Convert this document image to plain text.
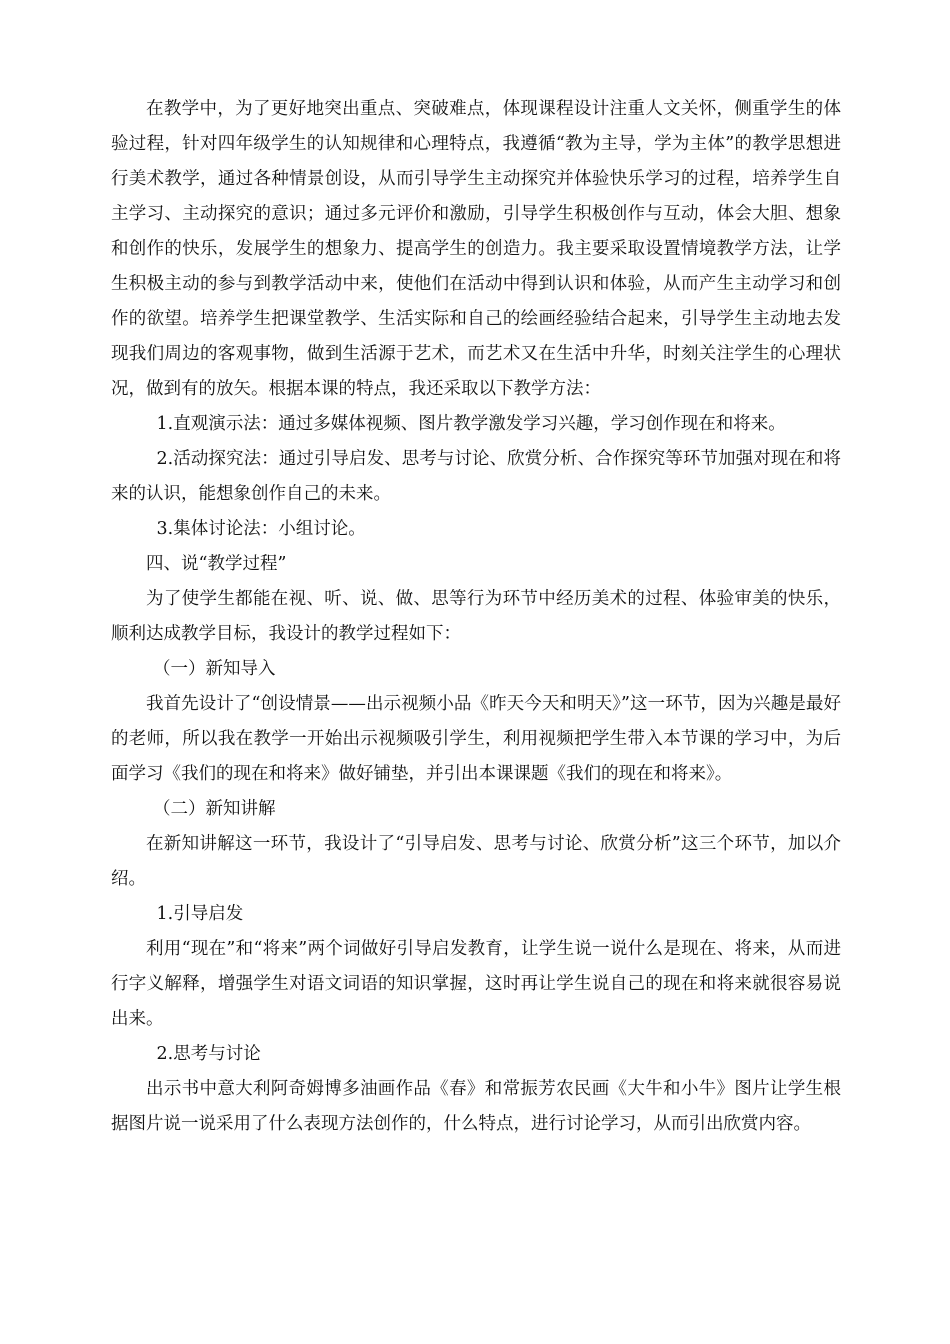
在教学中，为了更好地突出重点、突破难点，体现课程设计注重人文关怀，侧重学生的体验过程，针对四年级学生的认知规律和心理特点，我遵循“教为主导，学为主体”的教学思想进行美术教学，通过各种情景创设，从而引导学生主动探究并体验快乐学习的过程，培养学生自主学习、主动探究的意识；通过多元评价和激励，引导学生积极创作与互动，体会大胆、想象和创作的快乐，发展学生的想象力、提高学生的创造力。我主要采取设置情境教学方法，让学生积极主动的参与到教学活动中来，使他们在活动中得到认识和体验，从而产生主动学习和创作的欲望。培养学生把课堂教学、生活实际和自己的绘画经验结合起来，引导学生主动地去发现我们周边的客观事物，做到生活源于艺术，而艺术又在生活中升华，时刻关注学生的心理状况，做到有的放矢。根据本课的特点，我还采取以下教学方法：

1.直观演示法：通过多媒体视频、图片教学激发学习兴趣，学习创作现在和将来。

2.活动探究法：通过引导启发、思考与讨论、欣赏分析、合作探究等环节加强对现在和将来的认识，能想象创作自己的未来。

3.集体讨论法：小组讨论。

四、说“教学过程”

为了使学生都能在视、听、说、做、思等行为环节中经历美术的过程、体验审美的快乐，顺利达成教学目标，我设计的教学过程如下：

（一）新知导入

我首先设计了“创设情景——出示视频小品《昨天今天和明天》”这一环节，因为兴趣是最好的老师，所以我在教学一开始出示视频吸引学生，利用视频把学生带入本节课的学习中，为后面学习《我们的现在和将来》做好铺垫，并引出本课课题《我们的现在和将来》。

（二）新知讲解

在新知讲解这一环节，我设计了“引导启发、思考与讨论、欣赏分析”这三个环节，加以介绍。

1.引导启发

利用“现在”和“将来”两个词做好引导启发教育，让学生说一说什么是现在、将来，从而进行字义解释，增强学生对语文词语的知识掌握，这时再让学生说自己的现在和将来就很容易说出来。

2.思考与讨论

出示书中意大利阿奇姆博多油画作品《春》和常振芳农民画《大牛和小牛》图片让学生根据图片说一说采用了什么表现方法创作的，什么特点，进行讨论学习，从而引出欣赏内容。
